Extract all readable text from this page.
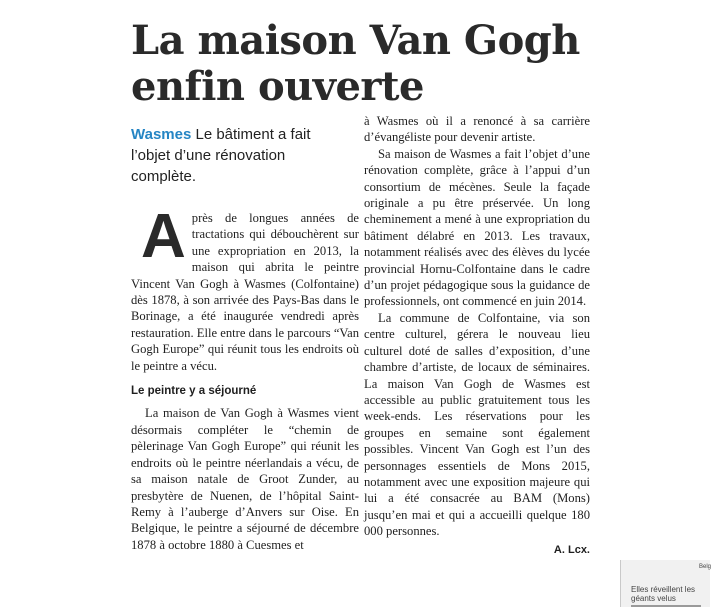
La maison Van Gogh
enfin ouverte
Wasmes Le bâtiment a fait l’objet d’une rénovation complète.

Après de longues années de tractations qui débouchèrent sur une expropriation en 2013, la maison qui abrita le peintre Vincent Van Gogh à Wasmes (Colfontaine) dès 1878, à son arrivée des Pays-Bas dans le Borinage, a été inaugurée vendredi après restauration. Elle entre dans le parcours “Van Gogh Europe” qui réunit tous les endroits où le peintre a vécu.

Le peintre y a séjourné

La maison de Van Gogh à Wasmes vient désormais compléter le “chemin de pèlerinage Van Gogh Europe” qui réunit les endroits où le peintre néerlandais a vécu, de sa maison natale de Groot Zunder, au presbytère de Nuenen, de l’hôpital Saint-Remy à l’auberge d’Anvers sur Oise. En Belgique, le peintre a séjourné de décembre 1878 à octobre 1880 à Cuesmes et

à Wasmes où il a renoncé à sa carrière d’évangéliste pour devenir artiste.

Sa maison de Wasmes a fait l’objet d’une rénovation complète, grâce à l’appui d’un consortium de mécènes. Seule la façade originale a pu être préservée. Un long cheminement a mené à une expropriation du bâtiment délabré en 2013. Les travaux, notamment réalisés avec des élèves du lycée provincial Hornu-Colfontaine dans le cadre d’un projet pédagogique sous la guidance de professionnels, ont commencé en juin 2014.

La commune de Colfontaine, via son centre culturel, gérera le nouveau lieu culturel doté de salles d’exposition, d’une chambre d’artiste, de locaux de séminaires. La maison Van Gogh de Wasmes est accessible au public gratuitement tous les week-ends. Les réservations pour les groupes en semaine sont également possibles. Vincent Van Gogh est l’un des personnages essentiels de Mons 2015, notamment avec une exposition majeure qui lui a été consacrée au BAM (Mons) jusqu’en mai et qui a accueilli quelque 180 000 personnes.

A. Lcx.

Belg
Elles réveillent les géants velus
